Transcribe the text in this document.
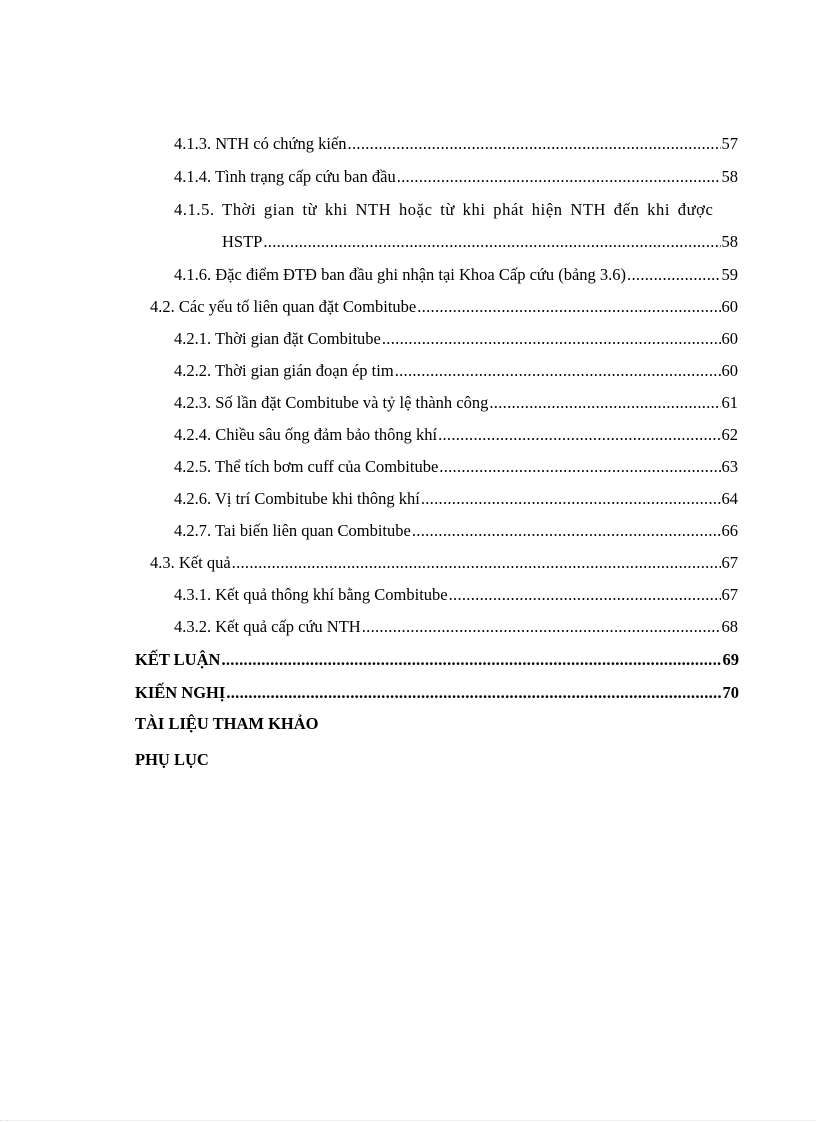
4.1.3. NTH có chứng kiến .....	57
4.1.4. Tình trạng cấp cứu ban đầu .....	58
4.1.5. Thời gian từ khi NTH hoặc từ khi phát hiện NTH đến khi được
HSTP .....	58
4.1.6. Đặc điểm ĐTĐ ban đầu ghi nhận tại Khoa Cấp cứu (bảng 3.6) .....	59
4.2. Các yếu tố liên quan đặt Combitube .....	60
4.2.1. Thời gian đặt Combitube .....	60
4.2.2. Thời gian gián đoạn ép tim .....	60
4.2.3. Số lần đặt Combitube và tỷ lệ thành công .....	61
4.2.4. Chiều sâu ống đảm bảo thông khí .....	62
4.2.5. Thể tích bơm cuff của Combitube .....	63
4.2.6. Vị trí Combitube khi thông khí .....	64
4.2.7. Tai biến liên quan Combitube .....	66
4.3. Kết quả .....	67
4.3.1. Kết quả thông khí bằng Combitube .....	67
4.3.2. Kết quả cấp cứu NTH .....	68
KẾT LUẬN .....	69
KIẾN NGHỊ .....	70
TÀI LIỆU THAM KHẢO
PHỤ LỤC
